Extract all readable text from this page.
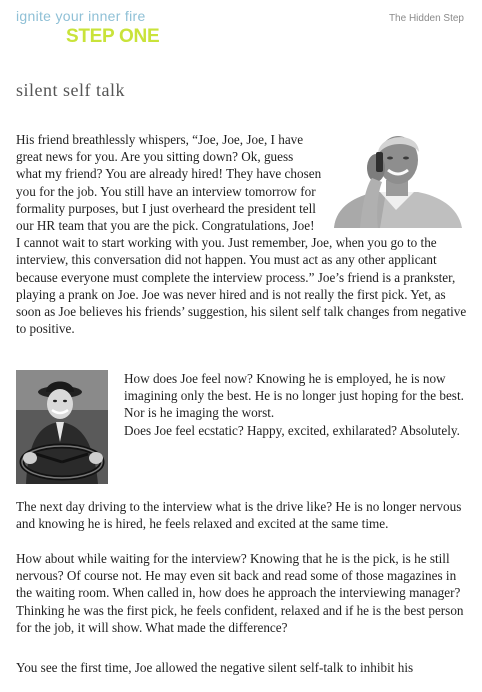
ignite your inner fire
STEP ONE
The Hidden Step
silent self talk

His friend breathlessly whispers, “Joe, Joe, Joe, I have great news for you. Are you sitting down? Ok, guess what my friend? You are already hired! They have chosen you for the job. You still have an interview tomorrow for formality purposes, but I just overheard the president tell our HR team that you are the pick. Congratulations, Joe! I cannot wait to start working with you. Just remember, Joe, when you go to the interview, this conversation did not happen. You must act as any other applicant because everyone must complete the interview process.” Joe’s friend is a prankster, playing a prank on Joe. Joe was never hired and is not really the first pick. Yet, as soon as Joe believes his friends’ suggestion, his silent self talk changes from negative to positive.

How does Joe feel now? Knowing he is employed, he is now imagining only the best. He is no longer just hoping for the best. Nor is he imaging the worst.

Does Joe feel ecstatic? Happy, excited, exhilarated? Absolutely.

The next day driving to the interview what is the drive like? He is no longer nervous and knowing he is hired, he feels relaxed and excited at the same time.

How about while waiting for the interview? Knowing that he is the pick, is he still nervous? Of course not. He may even sit back and read some of those magazines in the waiting room. When called in, how does he approach the interviewing manager? Thinking he was the first pick, he feels confident, relaxed and if he is the best person for the job, it will show. What made the difference?

You see the first time, Joe allowed the negative silent self-talk to inhibit his
